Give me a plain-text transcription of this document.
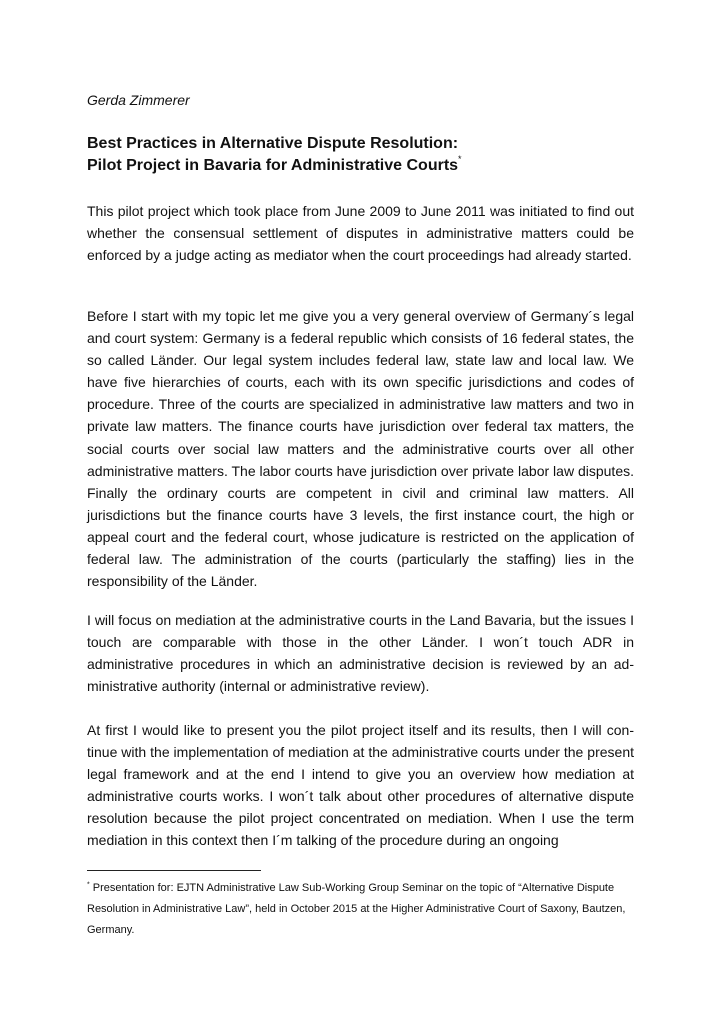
Gerda Zimmerer
Best Practices in Alternative Dispute Resolution:
Pilot Project in Bavaria for Administrative Courts*

This pilot project which took place from June 2009 to June 2011 was initiated to find out whether the consensual settlement of disputes in administrative matters could be enforced by a judge acting as mediator when the court proceedings had already started.

Before I start with my topic let me give you a very general overview of Germany´s legal and court system: Germany is a federal republic which consists of 16 federal states, the so called Länder. Our legal system includes federal law, state law and local law. We have five hierarchies of courts, each with its own specific jurisdictions and codes of procedure. Three of the courts are specialized in administrative law matters and two in private law matters. The finance courts have jurisdiction over federal tax matters, the social courts over social law matters and the administrative courts over all other administrative matters. The labor courts have jurisdiction over private labor law disputes. Finally the ordinary courts are competent in civil and criminal law matters. All jurisdictions but the finance courts have 3 levels, the first instance court, the high or appeal court and the federal court, whose judicature is restricted on the application of federal law. The administration of the courts (particularly the staffing) lies in the responsibility of the Länder.

I will focus on mediation at the administrative courts in the Land Bavaria, but the issues I touch are comparable with those in the other Länder. I won´t touch ADR in administrative procedures in which an administrative decision is reviewed by an administrative authority (internal or administrative review).

At first I would like to present you the pilot project itself and its results, then I will continue with the implementation of mediation at the administrative courts under the present legal framework and at the end I intend to give you an overview how mediation at administrative courts works. I won´t talk about other procedures of alternative dispute resolution because the pilot project concentrated on mediation. When I use the term mediation in this context then I´m talking of the procedure during an ongoing

* Presentation for: EJTN Administrative Law Sub-Working Group Seminar on the topic of “Alternative Dispute Resolution in Administrative Law”, held in October 2015 at the Higher Administrative Court of Saxony, Bautzen, Germany.
